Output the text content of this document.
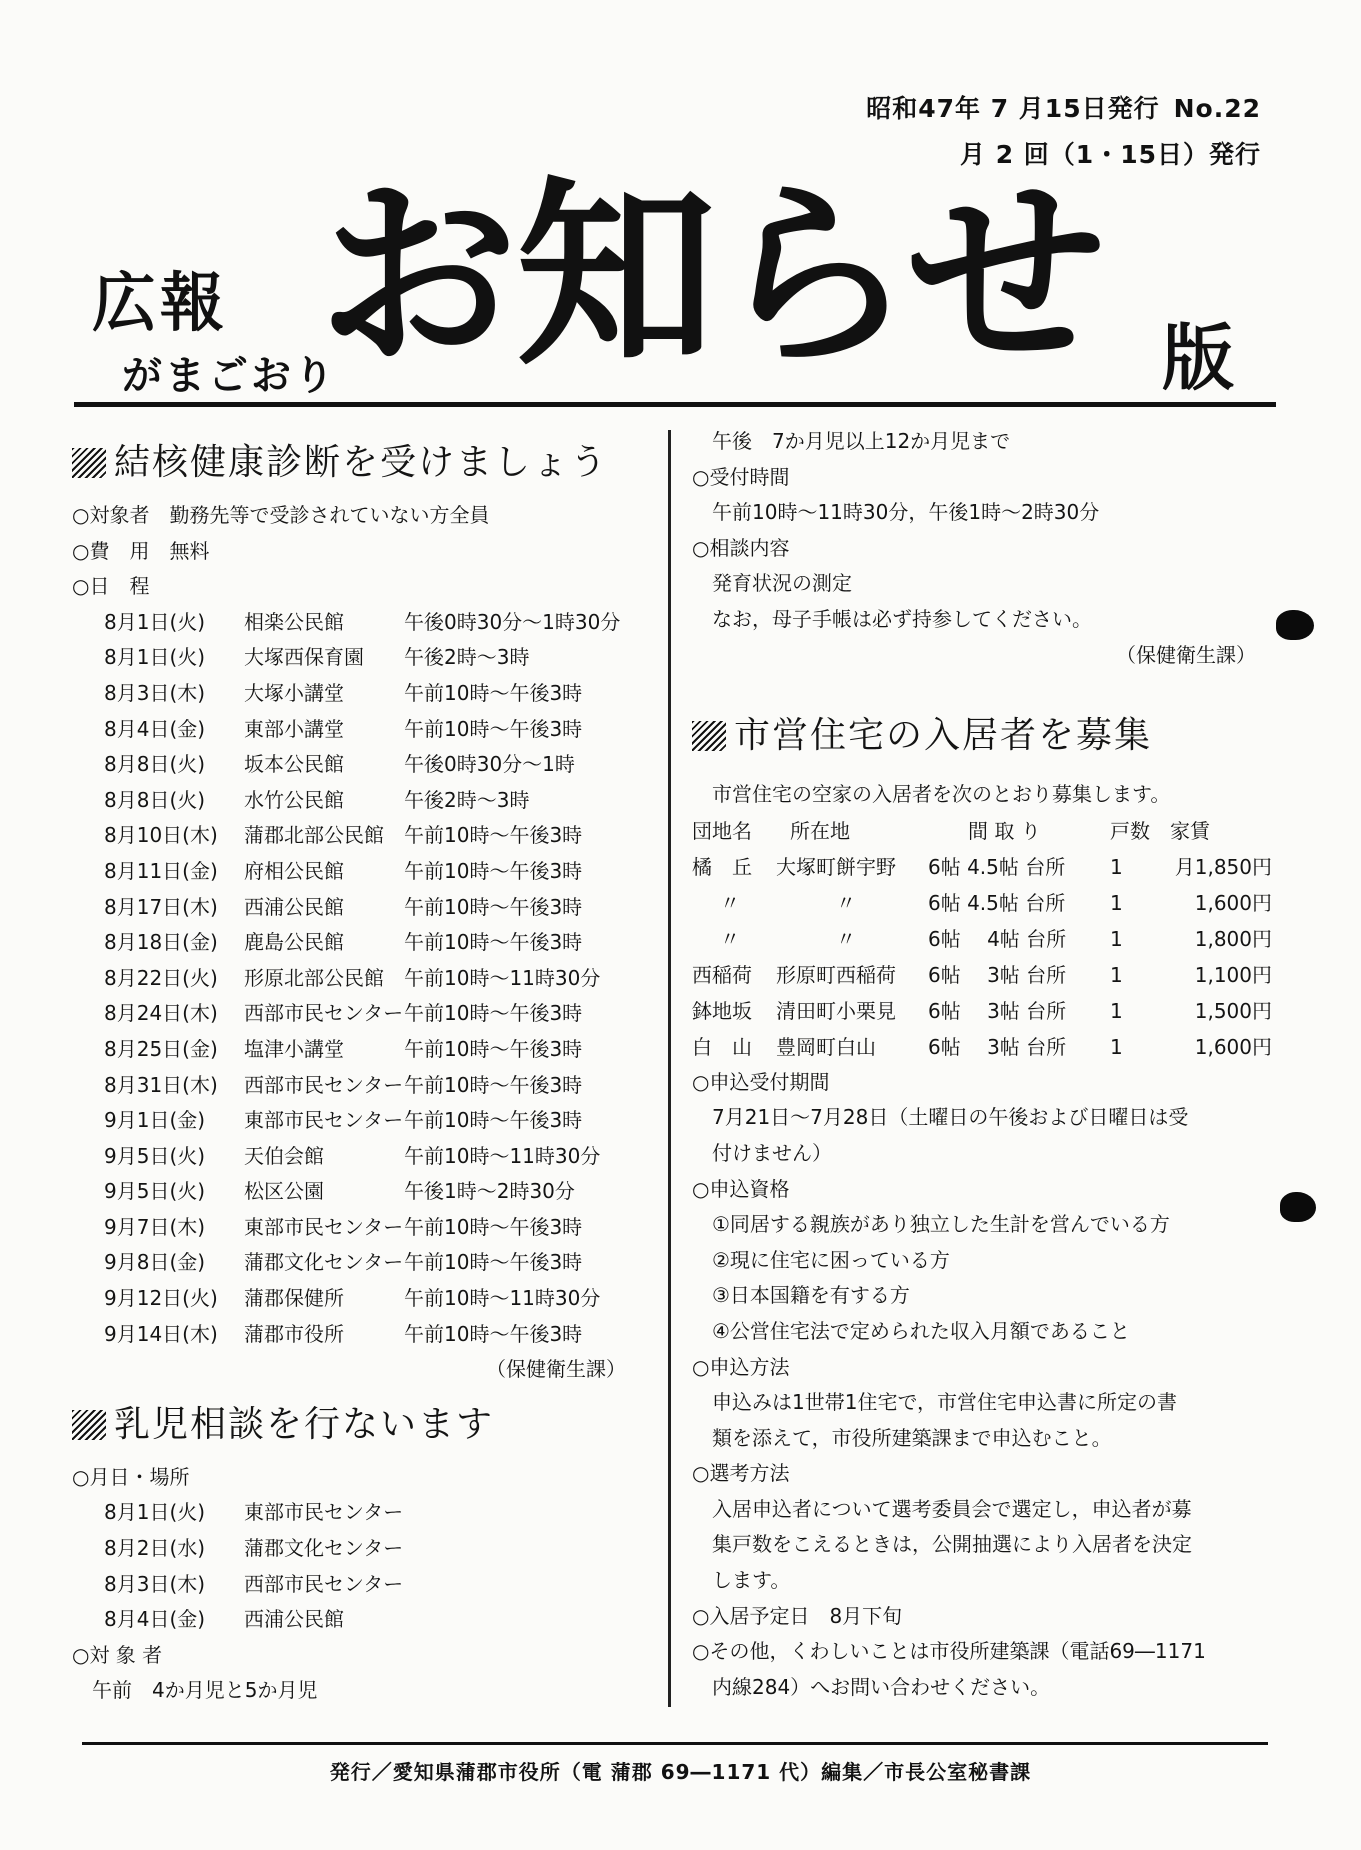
昭和47年 7 月15日発行 No.22
月 2 回（1・15日）発行
広報
がまごおり
お知らせ 版
結核健康診断を受けましょう
○対象者　勤務先等で受診されていない方全員
○費　用　無料
○日　程
8月1日(火)	相楽公民館	午後0時30分～1時30分
8月1日(火)	大塚西保育園	午後2時～3時
8月3日(木)	大塚小講堂	午前10時～午後3時
8月4日(金)	東部小講堂	午前10時～午後3時
8月8日(火)	坂本公民館	午後0時30分～1時
8月8日(火)	水竹公民館	午後2時～3時
8月10日(木)	蒲郡北部公民館	午前10時～午後3時
8月11日(金)	府相公民館	午前10時～午後3時
8月17日(木)	西浦公民館	午前10時～午後3時
8月18日(金)	鹿島公民館	午前10時～午後3時
8月22日(火)	形原北部公民館	午前10時～11時30分
8月24日(木)	西部市民センター 午前10時～午後3時
8月25日(金)	塩津小講堂	午前10時～午後3時
8月31日(木)	西部市民センター 午前10時～午後3時
9月1日(金)	東部市民センター 午前10時～午後3時
9月5日(火)	天伯会館	午前10時～11時30分
9月5日(火)	松区公園	午後1時～2時30分
9月7日(木)	東部市民センター 午前10時～午後3時
9月8日(金)	蒲郡文化センター 午前10時～午後3時
9月12日(火)	蒲郡保健所	午前10時～11時30分
9月14日(木)	蒲郡市役所	午前10時～午後3時
（保健衛生課）
乳児相談を行ないます
○月日・場所
8月1日(火)	東部市民センター
8月2日(水)	蒲郡文化センター
8月3日(木)	西部市民センター
8月4日(金)	西浦公民館
○対 象 者
午前　4か月児と5か月児
午後　7か月児以上12か月児まで
○受付時間
午前10時～11時30分，午後1時～2時30分
○相談内容
発育状況の測定
なお，母子手帳は必ず持参してください。
（保健衛生課）
市営住宅の入居者を募集
市営住宅の空家の入居者を次のとおり募集します。
団地名	所在地	間 取 り	戸数	家賃
橘　丘	大塚町餅宇野	6帖 4.5帖 台所	1	月1,850円
〃	〃	6帖 4.5帖 台所	1	1,600円
〃	〃	6帖　 4帖 台所	1	1,800円
西稲荷	形原町西稲荷	6帖　 3帖 台所	1	1,100円
鉢地坂	清田町小栗見	6帖　 3帖 台所	1	1,500円
白　山	豊岡町白山	6帖　 3帖 台所	1	1,600円
○申込受付期間
7月21日～7月28日（土曜日の午後および日曜日は受
付けません）
○申込資格
①同居する親族があり独立した生計を営んでいる方
②現に住宅に困っている方
③日本国籍を有する方
④公営住宅法で定められた収入月額であること
○申込方法
申込みは1世帯1住宅で，市営住宅申込書に所定の書
類を添えて，市役所建築課まで申込むこと。
○選考方法
入居申込者について選考委員会で選定し，申込者が募
集戸数をこえるときは，公開抽選により入居者を決定
します。
○入居予定日　8月下旬
○その他，くわしいことは市役所建築課（電話69―1171
内線284）へお問い合わせください。
発行／愛知県蒲郡市役所（電 蒲郡 69―1171 代）編集／市長公室秘書課
